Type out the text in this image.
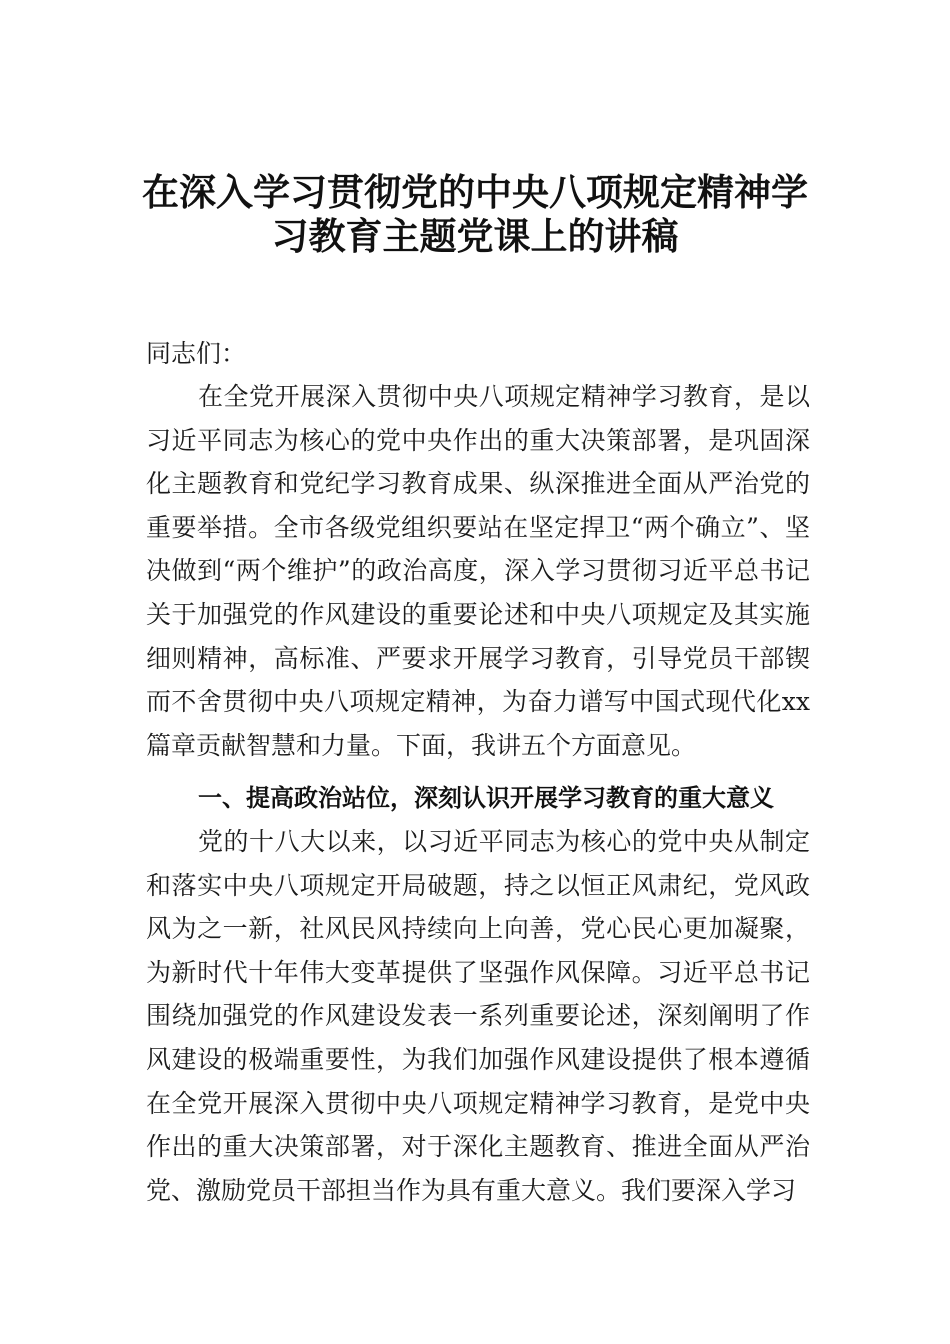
在深入学习贯彻党的中央八项规定精神学
习教育主题党课上的讲稿
同志们：

在全党开展深入贯彻中央八项规定精神学习教育，是以习近平同志为核心的党中央作出的重大决策部署，是巩固深化主题教育和党纪学习教育成果、纵深推进全面从严治党的重要举措。全市各级党组织要站在坚定捍卫“两个确立”、坚决做到“两个维护”的政治高度，深入学习贯彻习近平总书记关于加强党的作风建设的重要论述和中央八项规定及其实施细则精神，高标准、严要求开展学习教育，引导党员干部锲而不舍贯彻中央八项规定精神，为奋力谱写中国式现代化xx篇章贡献智慧和力量。下面，我讲五个方面意见。

一、提高政治站位，深刻认识开展学习教育的重大意义

党的十八大以来，以习近平同志为核心的党中央从制定和落实中央八项规定开局破题，持之以恒正风肃纪，党风政风为之一新，社风民风持续向上向善，党心民心更加凝聚，为新时代十年伟大变革提供了坚强作风保障。习近平总书记围绕加强党的作风建设发表一系列重要论述，深刻阐明了作风建设的极端重要性，为我们加强作风建设提供了根本遵循在全党开展深入贯彻中央八项规定精神学习教育，是党中央作出的重大决策部署，对于深化主题教育、推进全面从严治党、激励党员干部担当作为具有重大意义。我们要深入学习
